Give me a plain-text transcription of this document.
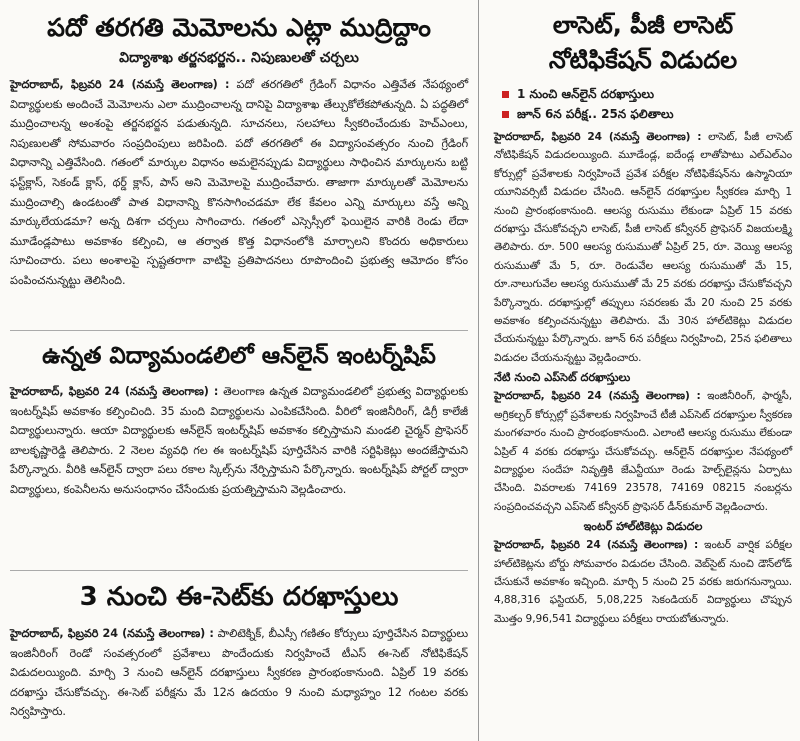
పదో తరగతి మెమోలను ఎట్లా ముద్రిద్దాం
విద్యాశాఖ తర్జనభర్జన.. నిపుణులతో చర్చలు

హైదరాబాద్, ఫిబ్రవరి 24 (నమస్తే తెలంగాణ) : పదో తరగతిలో గ్రేడింగ్ విధానం ఎత్తివేత నేపథ్యంలో విద్యార్థులకు అందించే మెమోలను ఎలా ముద్రించాలన్న దానిపై విద్యాశాఖ తేల్చుకోలేకపోతున్నది. ఏ పద్ధతిలో ముద్రించాలన్న అంశంపై తర్జనభర్జన పడుతున్నది. సూచనలు, సలహాలు స్వీకరించేందుకు హెచ్‌ఎంలు, నిపుణులతో సోమవారం సంప్రదింపులు జరిపింది. పదో తరగతిలో ఈ విద్యాసంవత్సరం నుంచి గ్రేడింగ్ విధానాన్ని ఎత్తివేసింది. గతంలో మార్కుల విధానం అమలైనప్పుడు విద్యార్థులు సాధించిన మార్కులను బట్టి ఫస్ట్‌క్లాస్, సెకండ్ క్లాస్, థర్డ్ క్లాస్, పాస్ అని మెమోలపై ముద్రించేవారు. తాజాగా మార్కులతో మెమోలను ముద్రించాల్సి ఉండటంతో పాత విధానాన్ని కొనసాగించడమా లేక కేవలం ఎన్ని మార్కులు వస్తే అన్ని మార్కులేయడమా? అన్న దిశగా చర్చలు సాగించారు. గతంలో ఎస్సెస్సీలో ఫెయిలైన వారికి రెండు లేదా మూడేండ్లపాటు అవకాశం కల్పించి, ఆ తర్వాత కొత్త విధానంలోకి మార్చాలని కొందరు అధికారులు సూచించారు. పలు అంశాలపై స్పష్టతరాగా వాటిపై ప్రతిపాదనలు రూపొందించి ప్రభుత్వ ఆమోదం కోసం పంపించనున్నట్టు తెలిసింది.

ఉన్నత విద్యామండలిలో ఆన్‌లైన్ ఇంటర్న్‌షిప్

హైదరాబాద్, ఫిబ్రవరి 24 (నమస్తే తెలంగాణ) : తెలంగాణ ఉన్నత విద్యామండలిలో ప్రభుత్వ విద్యార్థులకు ఇంటర్న్‌షిప్ అవకాశం కల్పించింది. 35 మంది విద్యార్థులను ఎంపికచేసింది. వీరిలో ఇంజినీరింగ్, డిగ్రీ కాలేజీ విద్యార్థులున్నారు. ఆయా విద్యార్థులకు ఆన్‌లైన్ ఇంటర్న్‌షిప్ అవకాశం కల్పిస్తామని మండలి చైర్మన్ ప్రొఫెసర్ బాలకృష్ణారెడ్డి తెలిపారు. 2 నెలల వ్యవధి గల ఈ ఇంటర్న్‌షిప్ పూర్తిచేసిన వారికి సర్టిఫికెట్లు అందజేస్తామని పేర్కొన్నారు. వీరికి ఆన్‌లైన్ ద్వారా పలు రకాల స్కిల్స్‌ను నేర్పిస్తామని పేర్కొన్నారు. ఇంటర్న్‌షిప్ పోర్టల్ ద్వారా విద్యార్థులు, కంపెనీలను అనుసంధానం చేసేందుకు ప్రయత్నిస్తామని వెల్లడించారు.

3 నుంచి ఈ-సెట్‌కు దరఖాస్తులు

హైదరాబాద్, ఫిబ్రవరి 24 (నమస్తే తెలంగాణ) : పాలిటెక్నిక్, బీఎస్సీ గణితం కోర్సులు పూర్తిచేసిన విద్యార్థులు ఇంజినీరింగ్ రెండో సంవత్సరంలో ప్రవేశాలు పొందేందుకు నిర్వహించే టీఎస్ ఈ-సెట్ నోటిఫికేషన్ విడుదలయ్యింది. మార్చి 3 నుంచి ఆన్‌లైన్ దరఖాస్తులు స్వీకరణ ప్రారంభంకానుంది. ఏప్రిల్ 19 వరకు దరఖాస్తు చేసుకోవచ్చు. ఈ-సెట్ పరీక్షను మే 12న ఉదయం 9 నుంచి మధ్యాహ్నం 12 గంటల వరకు నిర్వహిస్తారు.

లాసెట్, పీజీ లాసెట్
నోటిఫికేషన్ విడుదల
1 నుంచి ఆన్‌లైన్ దరఖాస్తులు
జూన్ 6న పరీక్ష.. 25న ఫలితాలు

హైదరాబాద్, ఫిబ్రవరి 24 (నమస్తే తెలంగాణ) : లాసెట్, పీజీ లాసెట్ నోటిఫికేషన్ విడుదలయ్యింది. మూడేండ్ల, ఐదేండ్ల లాతోపాటు ఎల్‌ఎల్‌ఎం కోర్సుల్లో ప్రవేశాలకు నిర్వహించే ప్రవేశ పరీక్షల నోటిఫికేషన్‌ను ఉస్మానియా యూనివర్సిటీ విడుదల చేసింది. ఆన్‌లైన్ దరఖాస్తుల స్వీకరణ మార్చి 1 నుంచి ప్రారంభంకానుంది. ఆలస్య రుసుము లేకుండా ఏప్రిల్ 15 వరకు దరఖాస్తు చేసుకోవచ్చని లాసెట్, పీజీ లాసెట్ కన్వీనర్ ప్రొఫెసర్ విజయలక్ష్మి తెలిపారు. రూ. 500 ఆలస్య రుసుముతో ఏప్రిల్ 25, రూ. వెయ్యి ఆలస్య రుసుముతో మే 5, రూ. రెండువేల ఆలస్య రుసుముతో మే 15, రూ.నాలుగువేల ఆలస్య రుసుముతో మే 25 వరకు దరఖాస్తు చేసుకోవచ్చని పేర్కొన్నారు. దరఖాస్తుల్లో తప్పులు సవరణకు మే 20 నుంచి 25 వరకు అవకాశం కల్పించనున్నట్టు తెలిపారు. మే 30న హాల్‌టికెట్లు విడుదల చేయనున్నట్టు పేర్కొన్నారు. జూన్ 6న పరీక్షలు నిర్వహించి, 25న ఫలితాలు విడుదల చేయనున్నట్టు వెల్లడించారు.

నేటి నుంచి ఎప్‌సెట్ దరఖాస్తులు

హైదరాబాద్, ఫిబ్రవరి 24 (నమస్తే తెలంగాణ) : ఇంజినీరింగ్, ఫార్మసీ, అగ్రికల్చర్ కోర్సుల్లో ప్రవేశాలకు నిర్వహించే టీజీ ఎప్‌సెట్ దరఖాస్తుల స్వీకరణ మంగళవారం నుంచి ప్రారంభంకానుంది. ఎలాంటి ఆలస్య రుసుము లేకుండా ఏప్రిల్ 4 వరకు దరఖాస్తు చేసుకోవచ్చు. ఆన్‌లైన్ దరఖాస్తుల నేపథ్యంలో విద్యార్థుల సందేహ నివృత్తికి జేఎన్టీయూ రెండు హెల్ప్‌లైన్లను ఏర్పాటు చేసింది. వివరాలకు 74169 23578, 74169 08215 నంబర్లను సంప్రదించవచ్చని ఎప్‌సెట్ కన్వీనర్ ప్రొఫెసర్ డీన్‌కుమార్ వెల్లడించారు.

ఇంటర్ హాల్‌టికెట్లు విడుదల

హైదరాబాద్, ఫిబ్రవరి 24 (నమస్తే తెలంగాణ) : ఇంటర్ వార్షిక పరీక్షల హాల్‌టికెట్లను బోర్డు సోమవారం విడుదల చేసింది. వెబ్‌సైట్ నుంచి డౌన్‌లోడ్ చేసుకునే అవకాశం ఇచ్చింది. మార్చి 5 నుంచి 25 వరకు జరుగనున్నాయి. 4,88,316 ఫస్టియర్, 5,08,225 సెకండియర్ విద్యార్థులు చొప్పున మొత్తం 9,96,541 విద్యార్థులు పరీక్షలు రాయబోతున్నారు.
